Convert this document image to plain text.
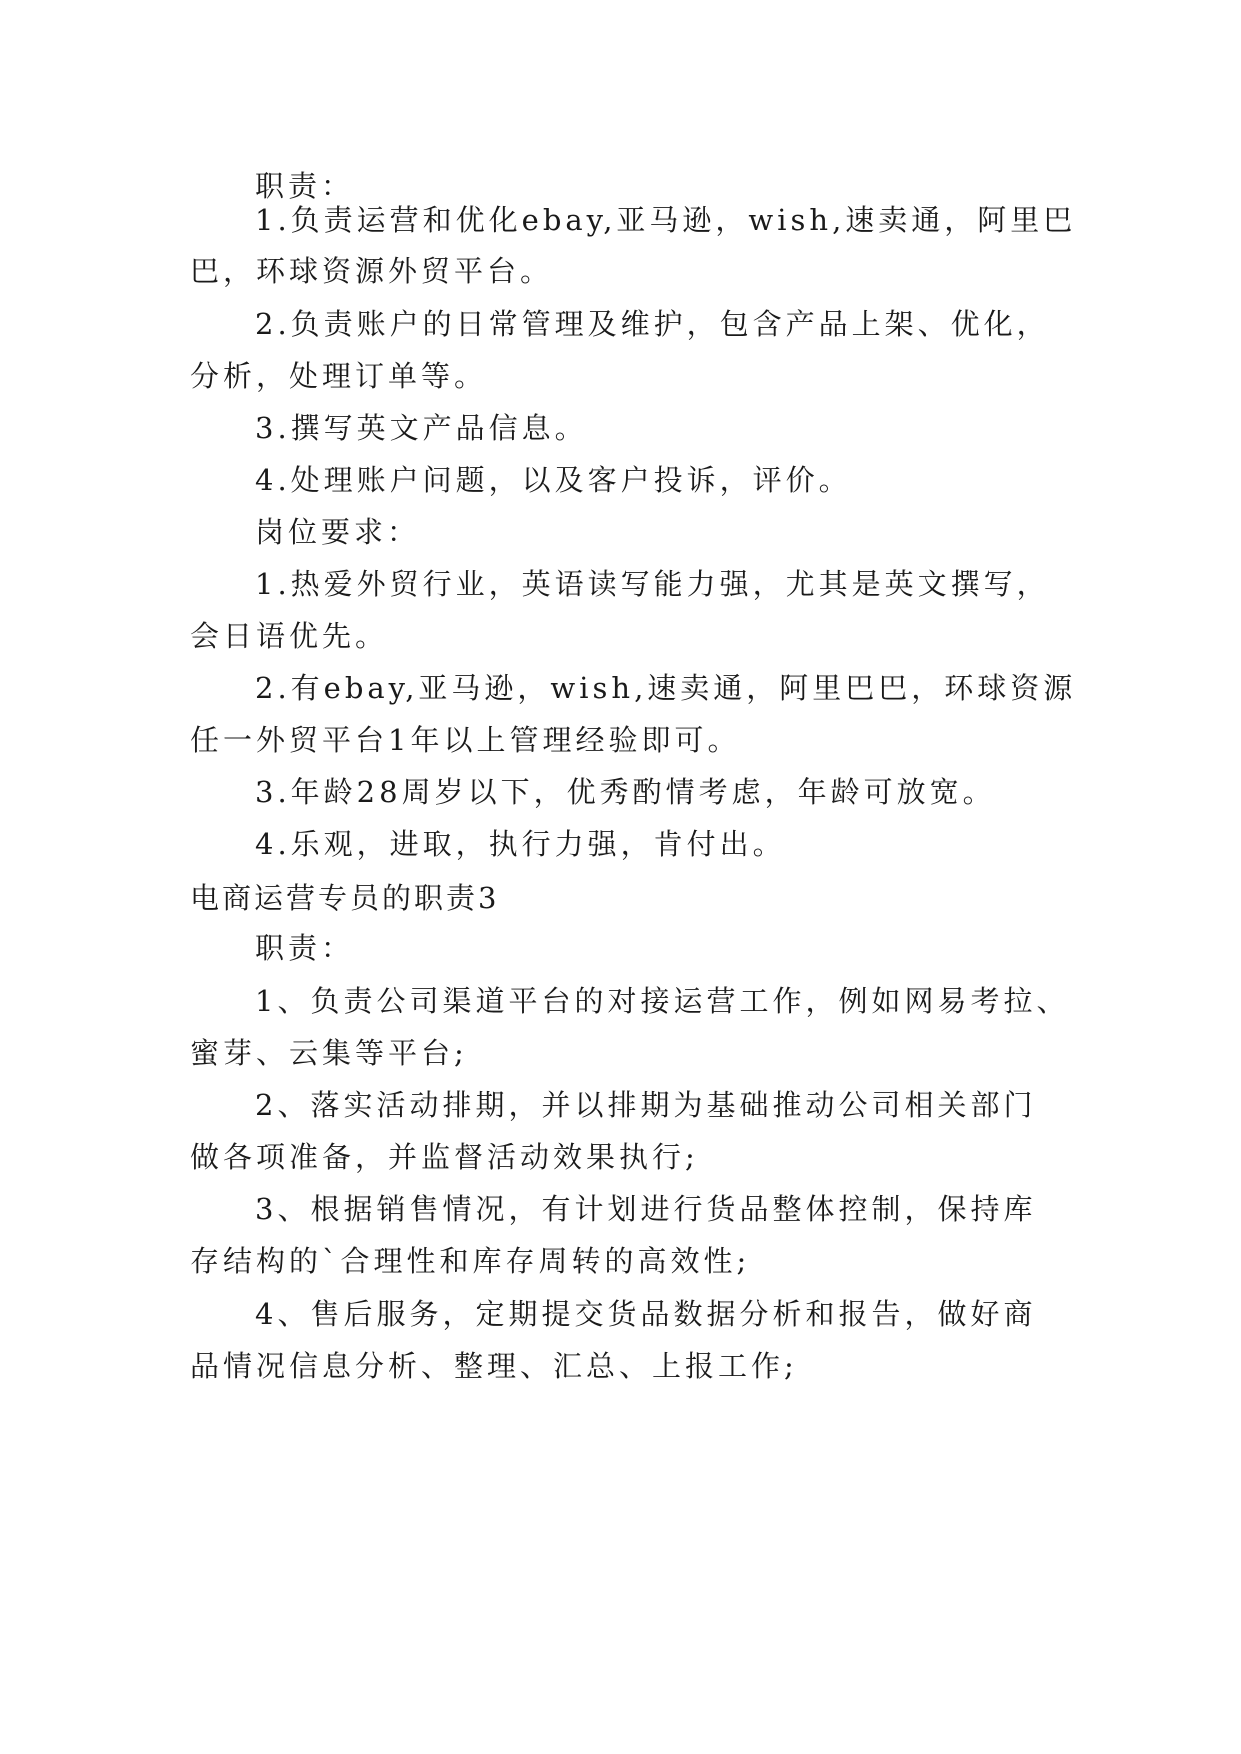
职责：
1.负责运营和优化ebay,亚马逊，wish,速卖通，阿里巴
巴，环球资源外贸平台。
2.负责账户的日常管理及维护，包含产品上架、优化，
分析，处理订单等。
3.撰写英文产品信息。
4.处理账户问题，以及客户投诉，评价。
岗位要求：
1.热爱外贸行业，英语读写能力强，尤其是英文撰写，
会日语优先。
2.有ebay,亚马逊，wish,速卖通，阿里巴巴，环球资源
任一外贸平台1年以上管理经验即可。
3.年龄28周岁以下，优秀酌情考虑，年龄可放宽。
4.乐观，进取，执行力强，肯付出。
电商运营专员的职责3
职责：
1、负责公司渠道平台的对接运营工作，例如网易考拉、
蜜芽、云集等平台;
2、落实活动排期，并以排期为基础推动公司相关部门
做各项准备，并监督活动效果执行;
3、根据销售情况，有计划进行货品整体控制，保持库
存结构的`合理性和库存周转的高效性;
4、售后服务，定期提交货品数据分析和报告，做好商
品情况信息分析、整理、汇总、上报工作;
